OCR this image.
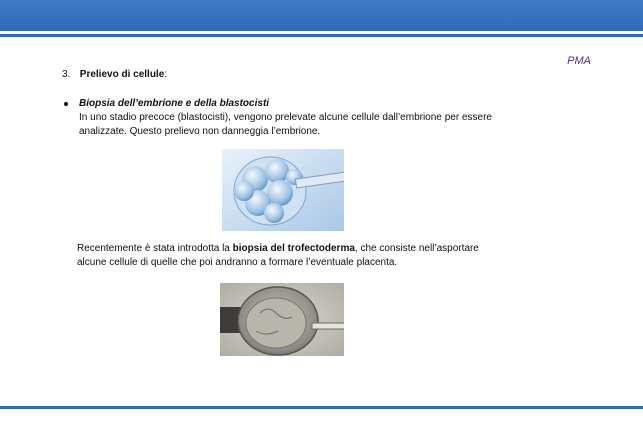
PMA
3. Prelievo di cellule:
Biopsia dell’embrione e della blastocisti
In uno stadio precoce (blastocisti), vengono prelevate alcune cellule dall’embrione per essere analizzate. Questo prelievo non danneggia l’embrione.
Recentemente è stata introdotta la biopsia del trofectoderma, che consiste nell’asportare alcune cellule di quelle che poi andranno a formare l’eventuale placenta.
